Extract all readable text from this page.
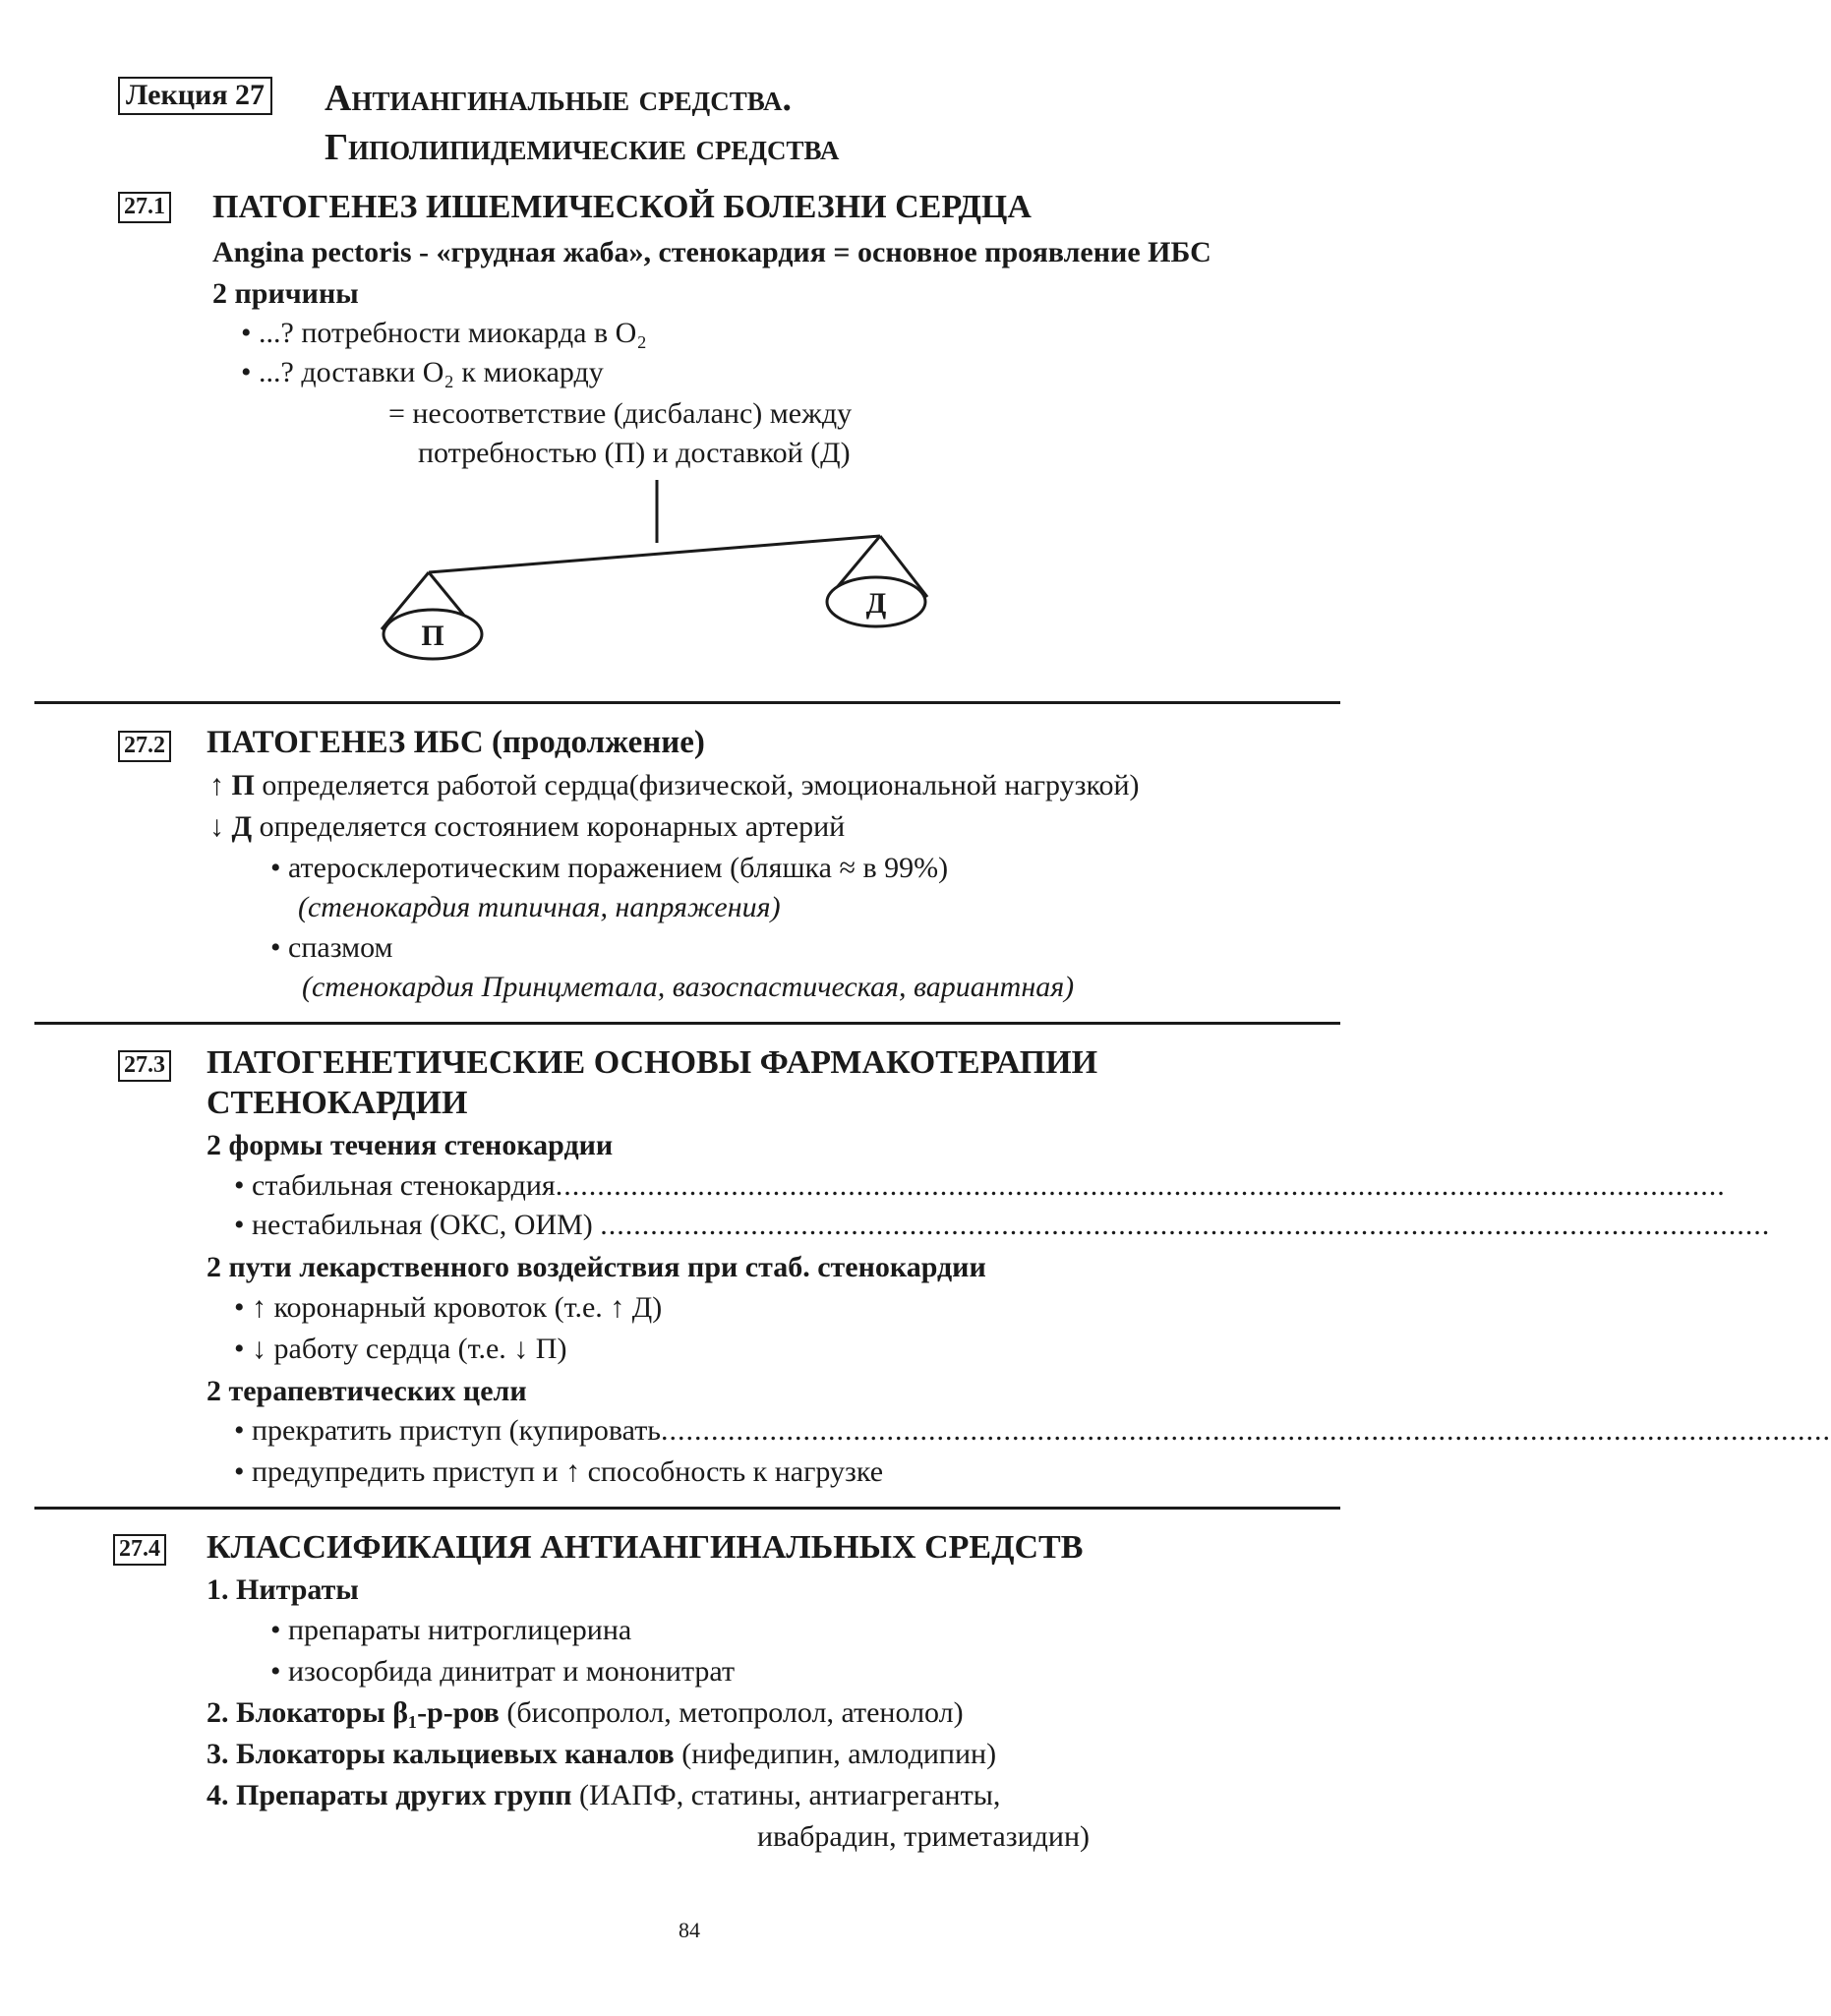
Лекция 27 Антиангинальные средства.
Гиполипидемические средства
27.1 ПАТОГЕНЕЗ ИШЕМИЧЕСКОЙ БОЛЕЗНИ СЕРДЦА
Angina pectoris - «грудная жаба», стенокардия = основное проявление ИБС
2 причины
• ...? потребности миокарда в O₂
• ...? доставки O₂ к миокарду
= несоответствие (дисбаланс) между
потребностью (П) и доставкой (Д)
П
Д
27.2 ПАТОГЕНЕЗ ИБС (продолжение)
↑ П определяется работой сердца(физической, эмоциональной нагрузкой)
↓ Д определяется состоянием коронарных артерий
• атеросклеротическим поражением (бляшка ≈ в 99%)
(стенокардия типичная, напряжения)
• спазмом
(стенокардия Принцметала, вазоспастическая, вариантная)
27.3 ПАТОГЕНЕТИЧЕСКИЕ ОСНОВЫ ФАРМАКОТЕРАПИИ
СТЕНОКАРДИИ
2 формы течения стенокардии
• стабильная стенокардия............................................................................................................................................
• нестабильная (ОКС, ОИМ) ............................................................................................................................................
2 пути лекарственного воздействия при стаб. стенокардии
• ↑ коронарный кровоток (т.е. ↑ Д)
• ↓ работу сердца (т.е. ↓ П)
2 терапевтических цели
• прекратить приступ (купировать............................................................................................................................................
• предупредить приступ и ↑ способность к нагрузке
27.4 КЛАССИФИКАЦИЯ АНТИАНГИНАЛЬНЫХ СРЕДСТВ
1. Нитраты
• препараты нитроглицерина
• изосорбида динитрат и мононитрат
2. Блокаторы β₁-р-ров (бисопролол, метопролол, атенолол)
3. Блокаторы кальциевых каналов (нифедипин, амлодипин)
4. Препараты других групп (ИАПФ, статины, антиагреганты,
ивабрадин, триметазидин)
84
